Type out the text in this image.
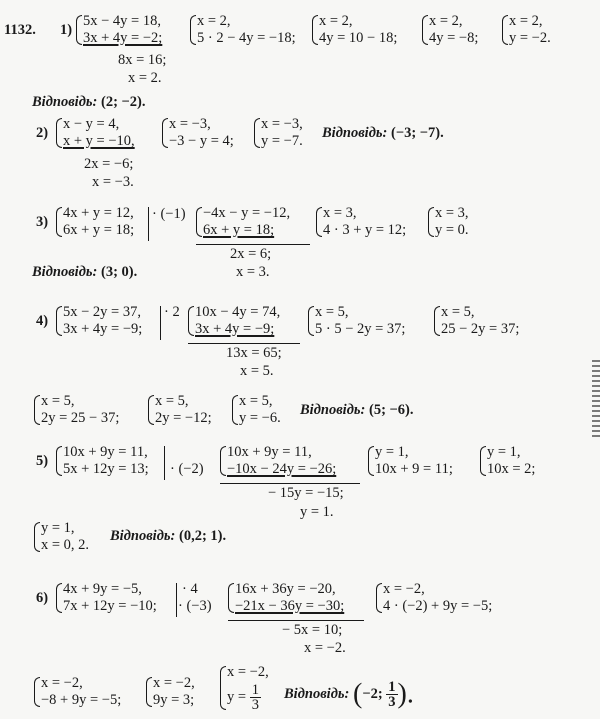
1132. 1)
5x − 4y = 18,
3x + 4y = −2;
8x = 16;
x = 2.
x = 2,
5 · 2 − 4y = −18;
x = 2,
4y = 10 − 18;
x = 2,
4y = −8;
x = 2,
y = −2.
Відповідь: (2; −2).
2)
x − y = 4,
x + y = −10,
2x = −6;
x = −3.
x = −3,
−3 − y = 4;
x = −3,
y = −7. Відповідь: (−3; −7).
3)
4x + y = 12,
6x + y = 18;
· (−1) −4x − y = −12,
6x + y = 18;
2x = 6;
x = 3.
x = 3,
4 · 3 + y = 12;
x = 3,
y = 0.
Відповідь: (3; 0).
4)
5x − 2y = 37,
3x + 4y = −9;
· 2 10x − 4y = 74,
3x + 4y = −9;
13x = 65;
x = 5.
x = 5,
5 · 5 − 2y = 37;
x = 5,
25 − 2y = 37;
x = 5,
2y = 25 − 37;
x = 5,
2y = −12;
x = 5,
y = −6. Відповідь: (5; −6).
5)
10x + 9y = 11,
5x + 12y = 13; · (−2)
10x + 9y = 11,
−10x − 24y = −26;
− 15y = −15;
y = 1.
y = 1,
10x + 9 = 11;
y = 1,
10x = 2;
y = 1,
x = 0, 2.
Відповідь: (0,2; 1).
6)
4x + 9y = −5,
7x + 12y = −10;
· 4
· (−3)
16x + 36y = −20,
−21x − 36y = −30;
− 5x = 10;
x = −2.
x = −2,
4 · (−2) + 9y = −5;
x = −2,
−8 + 9y = −5;
x = −2,
9y = 3;
x = −2,
$y = \frac{1}{3}$ Відповідь: (−2; $\frac{1}{3}$ ).
